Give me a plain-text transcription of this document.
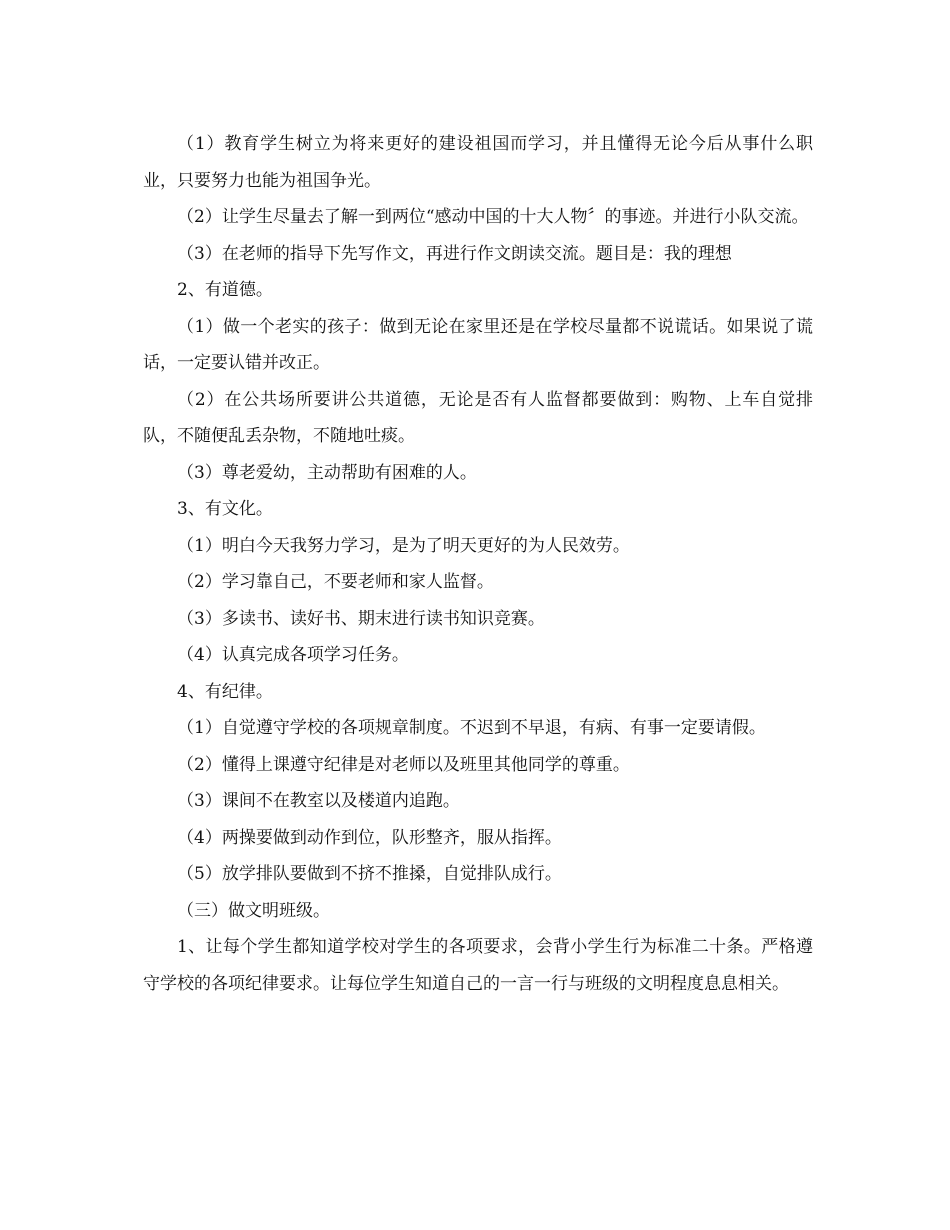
（1）教育学生树立为将来更好的建设祖国而学习，并且懂得无论今后从事什么职业，只要努力也能为祖国争光。

（2）让学生尽量去了解一到两位“感动中国的十大人物〞的事迹。并进行小队交流。

（3）在老师的指导下先写作文，再进行作文朗读交流。题目是：我的理想

2、有道德。

（1）做一个老实的孩子：做到无论在家里还是在学校尽量都不说谎话。如果说了谎话，一定要认错并改正。

（2）在公共场所要讲公共道德，无论是否有人监督都要做到：购物、上车自觉排队，不随便乱丢杂物，不随地吐痰。

（3）尊老爱幼，主动帮助有困难的人。

3、有文化。

（1）明白今天我努力学习，是为了明天更好的为人民效劳。

（2）学习靠自己，不要老师和家人监督。

（3）多读书、读好书、期末进行读书知识竞赛。

（4）认真完成各项学习任务。

4、有纪律。

（1）自觉遵守学校的各项规章制度。不迟到不早退，有病、有事一定要请假。

（2）懂得上课遵守纪律是对老师以及班里其他同学的尊重。

（3）课间不在教室以及楼道内追跑。

（4）两操要做到动作到位，队形整齐，服从指挥。

（5）放学排队要做到不挤不推搡，自觉排队成行。

（三）做文明班级。

1、让每个学生都知道学校对学生的各项要求，会背小学生行为标准二十条。严格遵守学校的各项纪律要求。让每位学生知道自己的一言一行与班级的文明程度息息相关。
